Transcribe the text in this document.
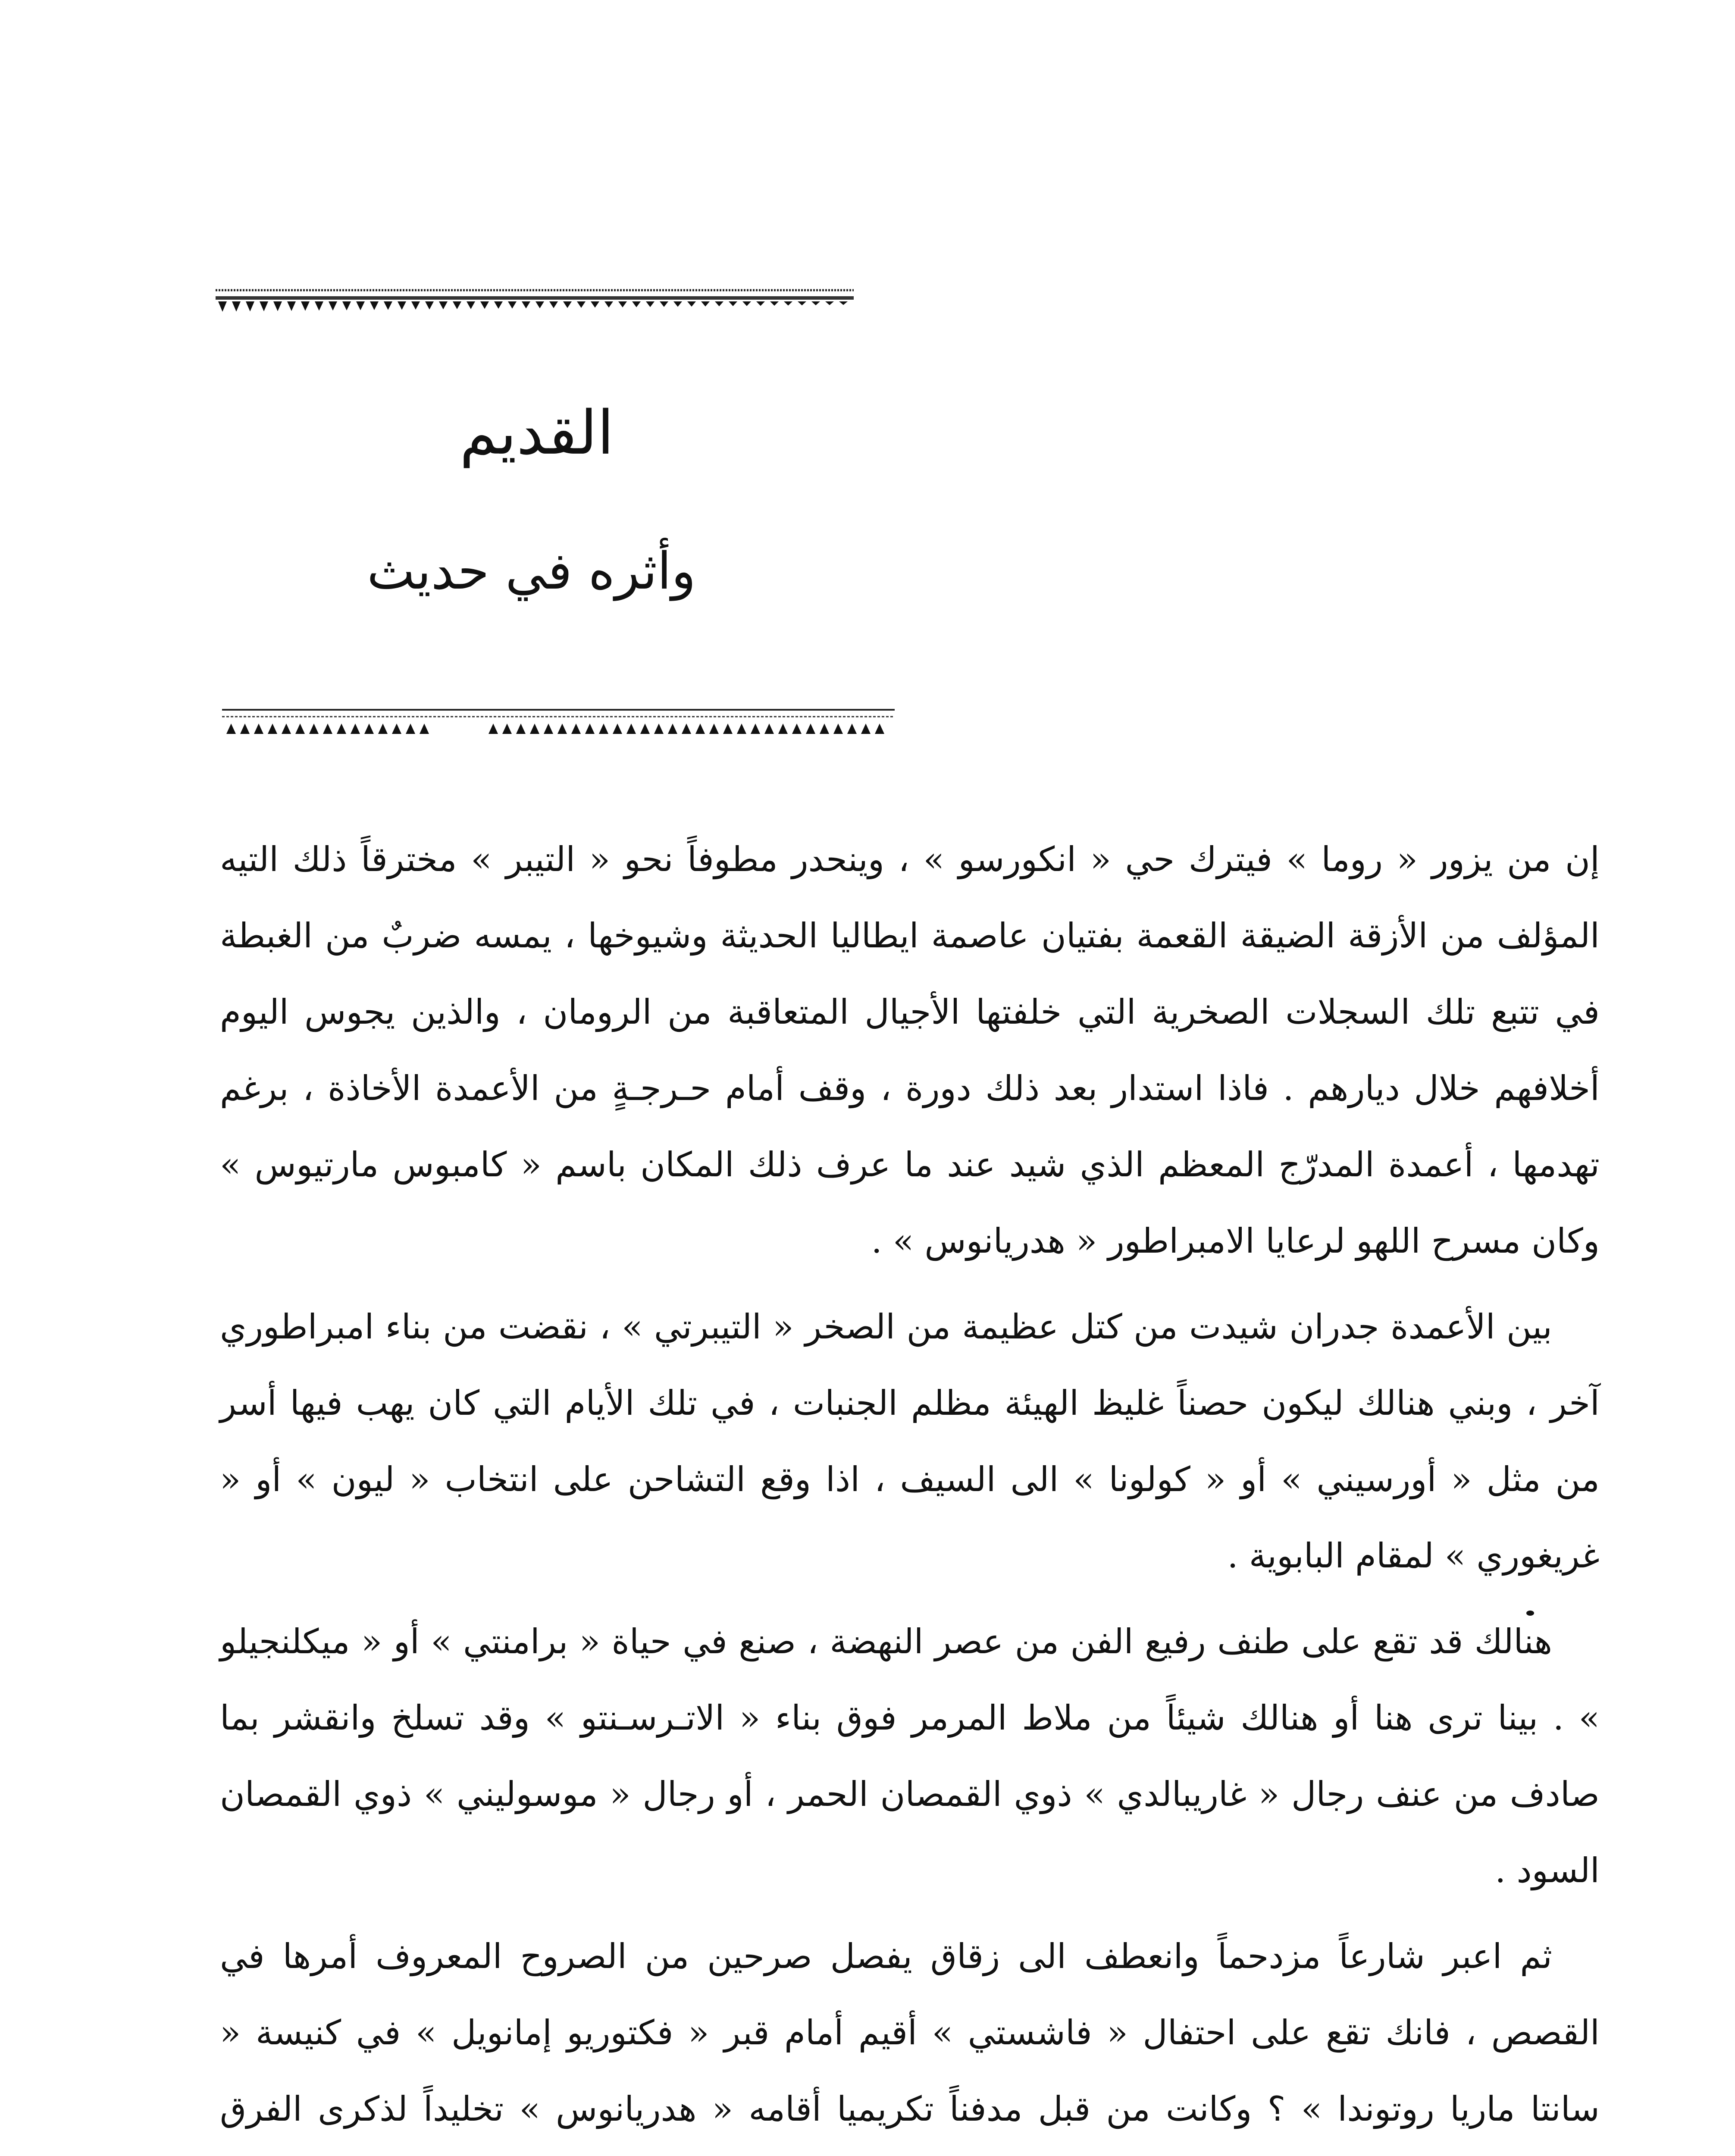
القديم
وأثره في حديث

إن من يزور « روما » فيترك حي « انكورسو » ، وينحدر مطوفاً نحو « التيبر » مخترقاً ذلك التيه المؤلف من الأزقة الضيقة القعمة بفتيان عاصمة ايطاليا الحديثة وشيوخها ، يمسه ضربٌ من الغبطة في تتبع تلك السجلات الصخرية التي خلفتها الأجيال المتعاقبة من الرومان ، والذين يجوس اليوم أخلافهم خلال ديارهم . فاذا استدار بعد ذلك دورة ، وقف أمام حـرجـةٍ من الأعمدة الأخاذة ، برغم تهدمها ، أعمدة المدرّج المعظم الذي شيد عند ما عرف ذلك المكان باسم « كامبوس مارتيوس » وكان مسرح اللهو لرعايا الامبراطور « هدريانوس » .

بين الأعمدة جدران شيدت من كتل عظيمة من الصخر « التيبرتي » ، نقضت من بناء امبراطوري آخر ، وبني هنالك ليكون حصناً غليظ الهيئة مظلم الجنبات ، في تلك الأيام التي كان يهب فيها أسر من مثل « أورسيني » أو « كولونا » الى السيف ، اذا وقع التشاحن على انتخاب « ليون » أو « غريغوري » لمقام البابوية .

هنالك قد تقع على طنف رفيع الفن من عصر النهضة ، صنع في حياة « برامنتي » أو « ميكلنجيلو » . بينا ترى هنا أو هنالك شيئاً من ملاط المرمر فوق بناء « الاتـرسـنتو » وقد تسلخ وانقشر بما صادف من عنف رجال « غاريبالدي » ذوي القمصان الحمر ، أو رجال « موسوليني » ذوي القمصان السود .

ثم اعبر شارعاً مزدحماً وانعطف الى زقاق يفصل صرحين من الصروح المعروف أمرها في القصص ، فانك تقع على احتفال « فاشستي » أقيم أمام قبر « فكتوريو إمانويل » في كنيسة « سانتا ماريا روتوندا » ؟ وكانت من قبل مدفناً تكريميا أقامه « هدريانوس » تخليداً لذكرى الفرق
